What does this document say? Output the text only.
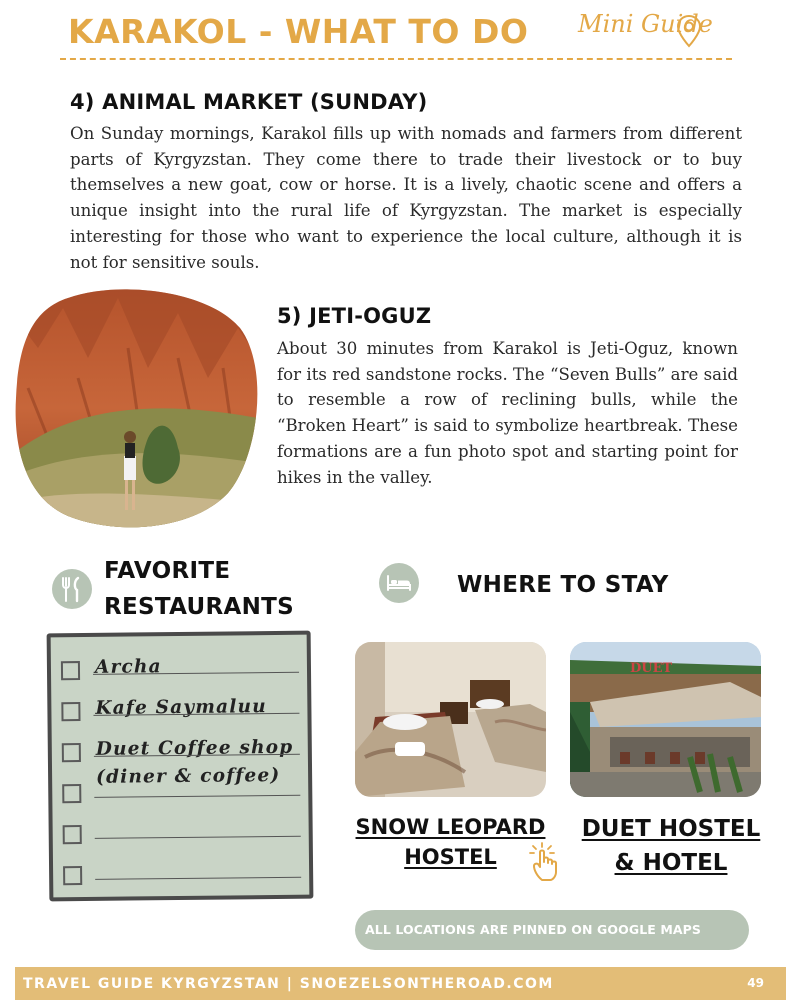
KARAKOL - WHAT TO DO Mini Guide
4) ANIMAL MARKET (SUNDAY)
On Sunday mornings, Karakol fills up with nomads and farmers from different parts of Kyrgyzstan. They come there to trade their livestock or to buy themselves a new goat, cow or horse. It is a lively, chaotic scene and offers a unique insight into the rural life of Kyrgyzstan. The market is especially interesting for those who want to experience the local culture, although it is not for sensitive souls.
5) JETI-OGUZ
About 30 minutes from Karakol is Jeti-Oguz, known for its red sandstone rocks. The “Seven Bulls” are said to resemble a row of reclining bulls, while the “Broken Heart” is said to symbolize heartbreak. These formations are a fun photo spot and starting point for hikes in the valley.
FAVORITE
RESTAURANTS
Archa
Kafe Saymaluu
Duet Coffee shop
(diner & coffee)
WHERE TO STAY
DUET
SNOW LEOPARD
HOSTEL
DUET HOSTEL
& HOTEL
ALL LOCATIONS ARE PINNED ON GOOGLE MAPS
TRAVEL GUIDE KYRGYZSTAN | SNOEZELSONTHEROAD.COM	49
